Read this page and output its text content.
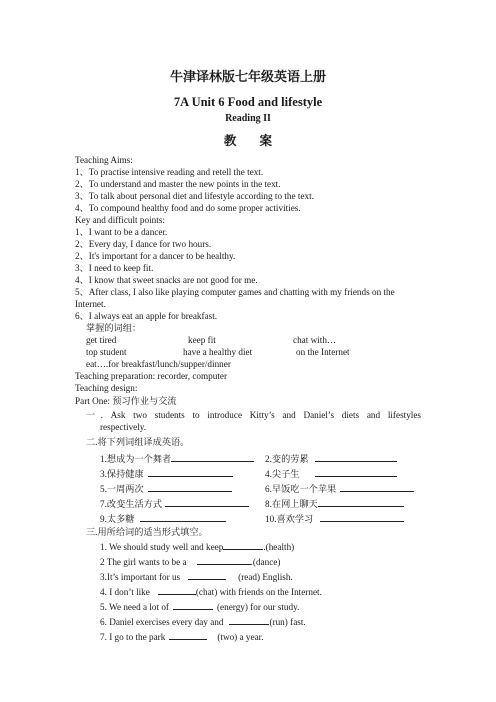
牛津译林版七年级英语上册
7A Unit 6 Food and lifestyle
Reading II
教 案
Teaching Aims:
1、To practise intensive reading and retell the text.
2、To understand and master the new points in the text.
3、To talk about personal diet and lifestyle according to the text.
4、To compound healthy food and do some proper activities.
Key and difficult points:
1、I want to be a dancer.
2、Every day, I dance for two hours.
2、It's important for a dancer to be healthy.
3、I need to keep fit.
4、I know that sweet snacks are not good for me.
5、After class, I also like playing computer games and chatting with my friends on the
Internet.
6、I always eat an apple for breakfast.
掌握的词组：
get tired	keep fit	chat with…
top student	have a healthy diet	on the Internet
eat….for breakfast/lunch/supper/dinner
Teaching preparation: recorder, computer
Teaching design:
Part One: 预习作业与交流
一. Ask two students to introduce Kitty’s and Daniel’s diets and lifestyles
respectively.
二.将下列词组译成英语。
1.想成为一个舞者	2.变的劳累
3.保持健康	4.尖子生
5.一周两次	6.早饭吃一个苹果
7.改变生活方式	8.在网上聊天
9.太多糖	10.喜欢学习
三.用所给词的适当形式填空。
1. We should study well and keep	.(health)
2 The girl wants to be a	.(dance)
3.It’s important for us	(read) English.
4. I don’t like	(chat) with friends on the Internet.
5. We need a lot of	(energy) for our study.
6. Daniel exercises every day and	(run) fast.
7. I go to the park	(two) a year.
